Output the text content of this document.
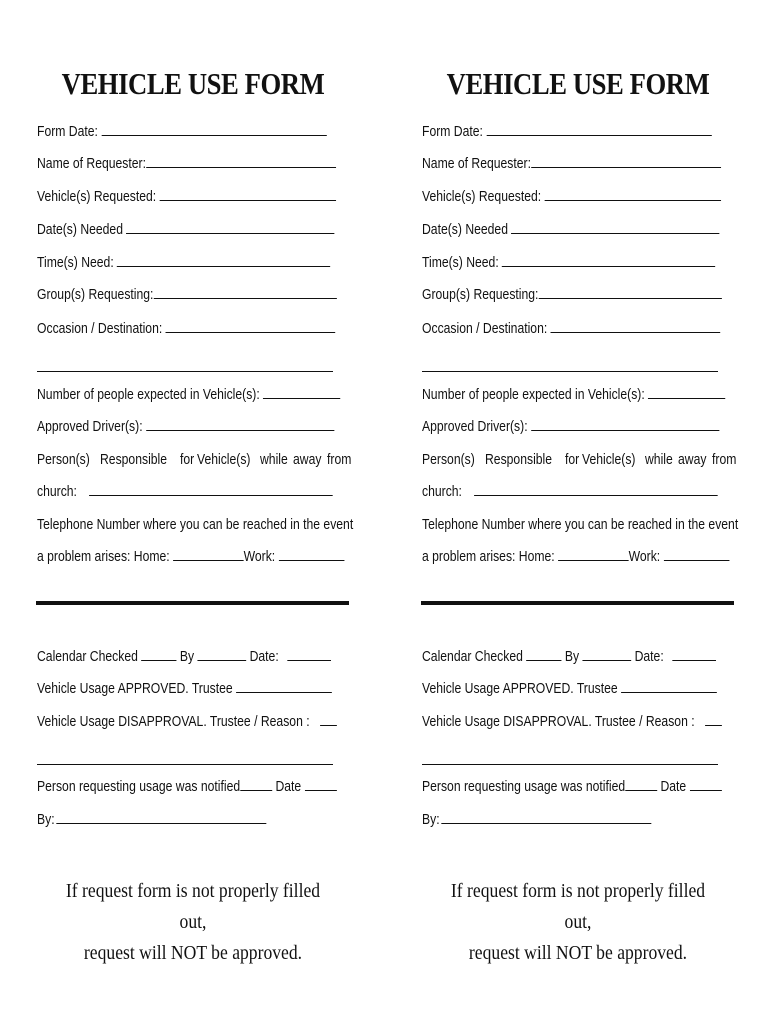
VEHICLE USE FORM
Form Date:
Name of Requester:
Vehicle(s) Requested:
Date(s) Needed
Time(s) Need:
Group(s) Requesting:
Occasion / Destination:
Number of people expected in Vehicle(s):
Approved Driver(s):
Person(s) Responsible for Vehicle(s) while away from
church:
Telephone Number where you can be reached in the event
a problem arises: Home:	Work:
Calendar Checked	By	Date:
Vehicle Usage APPROVED. Trustee
Vehicle Usage DISAPPROVAL. Trustee / Reason :
Person requesting usage was notified Date
By:
If request form is not properly filled out,
request will NOT be approved.
VEHICLE USE FORM
Form Date:
Name of Requester:
Vehicle(s) Requested:
Date(s) Needed
Time(s) Need:
Group(s) Requesting:
Occasion / Destination:
Number of people expected in Vehicle(s):
Approved Driver(s):
Person(s) Responsible for Vehicle(s) while away from
church:
Telephone Number where you can be reached in the event
a problem arises: Home:	Work:
Calendar Checked	By	Date:
Vehicle Usage APPROVED. Trustee
Vehicle Usage DISAPPROVAL. Trustee / Reason :
Person requesting usage was notified Date
By:
If request form is not properly filled out,
request will NOT be approved.
